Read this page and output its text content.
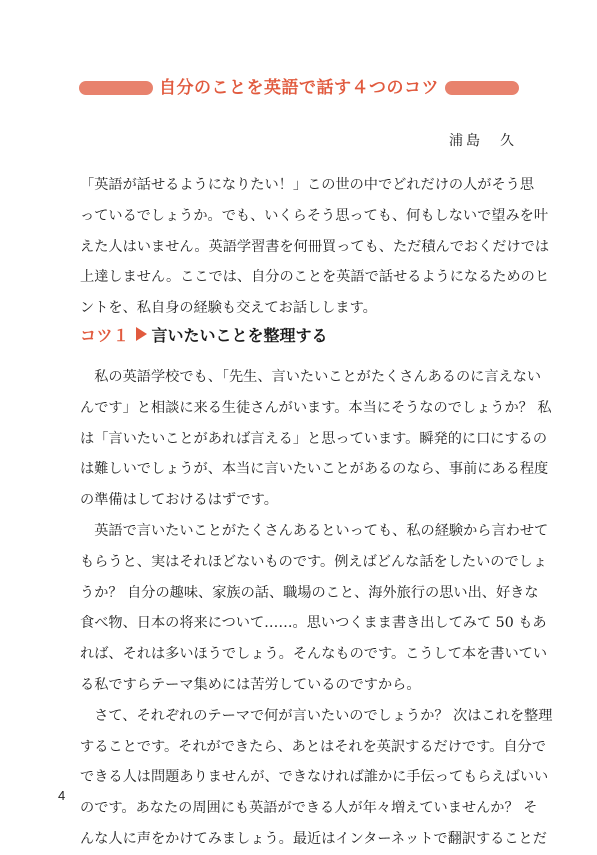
自分のことを英語で話す４つのコツ
浦島　久
「英語が話せるようになりたい！」この世の中でどれだけの人がそう思
っているでしょうか。でも、いくらそう思っても、何もしないで望みを叶
えた人はいません。英語学習書を何冊買っても、ただ積んでおくだけでは
上達しません。ここでは、自分のことを英語で話せるようになるためのヒ
ントを、私自身の経験も交えてお話しします。
コツ１ 言いたいことを整理する
　私の英語学校でも、「先生、言いたいことがたくさんあるのに言えない
んです」と相談に来る生徒さんがいます。本当にそうなのでしょうか？ 私
は「言いたいことがあれば言える」と思っています。瞬発的に口にするの
は難しいでしょうが、本当に言いたいことがあるのなら、事前にある程度
の準備はしておけるはずです。
　英語で言いたいことがたくさんあるといっても、私の経験から言わせて
もらうと、実はそれほどないものです。例えばどんな話をしたいのでしょ
うか？ 自分の趣味、家族の話、職場のこと、海外旅行の思い出、好きな
食べ物、日本の将来について……。思いつくまま書き出してみて 50 もあ
れば、それは多いほうでしょう。そんなものです。こうして本を書いてい
る私ですらテーマ集めには苦労しているのですから。
　さて、それぞれのテーマで何が言いたいのでしょうか？ 次はこれを整理
することです。それができたら、あとはそれを英訳するだけです。自分で
できる人は問題ありませんが、できなければ誰かに手伝ってもらえばいい
のです。あなたの周囲にも英語ができる人が年々増えていませんか？ そ
んな人に声をかけてみましょう。最近はインターネットで翻訳することだ
4
